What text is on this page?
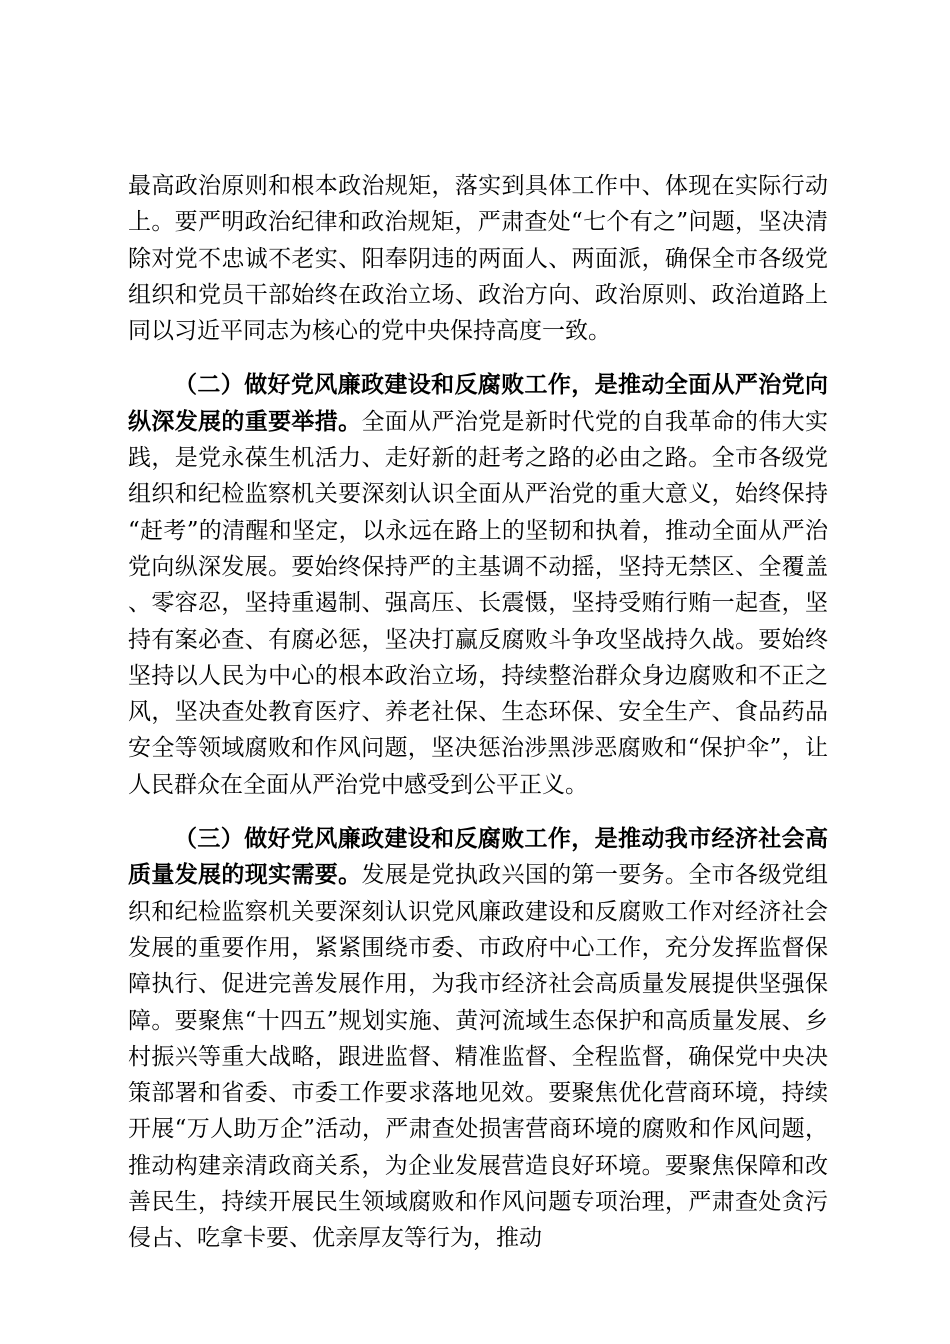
最高政治原则和根本政治规矩，落实到具体工作中、体现在实际行动上。要严明政治纪律和政治规矩，严肃查处“七个有之”问题，坚决清除对党不忠诚不老实、阳奉阴违的两面人、两面派，确保全市各级党组织和党员干部始终在政治立场、政治方向、政治原则、政治道路上同以习近平同志为核心的党中央保持高度一致。

（二）做好党风廉政建设和反腐败工作，是推动全面从严治党向纵深发展的重要举措。全面从严治党是新时代党的自我革命的伟大实践，是党永葆生机活力、走好新的赶考之路的必由之路。全市各级党组织和纪检监察机关要深刻认识全面从严治党的重大意义，始终保持“赶考”的清醒和坚定，以永远在路上的坚韧和执着，推动全面从严治党向纵深发展。要始终保持严的主基调不动摇，坚持无禁区、全覆盖、零容忍，坚持重遏制、强高压、长震慑，坚持受贿行贿一起查，坚持有案必查、有腐必惩，坚决打赢反腐败斗争攻坚战持久战。要始终坚持以人民为中心的根本政治立场，持续整治群众身边腐败和不正之风，坚决查处教育医疗、养老社保、生态环保、安全生产、食品药品安全等领域腐败和作风问题，坚决惩治涉黑涉恶腐败和“保护伞”，让人民群众在全面从严治党中感受到公平正义。

（三）做好党风廉政建设和反腐败工作，是推动我市经济社会高质量发展的现实需要。发展是党执政兴国的第一要务。全市各级党组织和纪检监察机关要深刻认识党风廉政建设和反腐败工作对经济社会发展的重要作用，紧紧围绕市委、市政府中心工作，充分发挥监督保障执行、促进完善发展作用，为我市经济社会高质量发展提供坚强保障。要聚焦“十四五”规划实施、黄河流域生态保护和高质量发展、乡村振兴等重大战略，跟进监督、精准监督、全程监督，确保党中央决策部署和省委、市委工作要求落地见效。要聚焦优化营商环境，持续开展“万人助万企”活动，严肃查处损害营商环境的腐败和作风问题，推动构建亲清政商关系，为企业发展营造良好环境。要聚焦保障和改善民生，持续开展民生领域腐败和作风问题专项治理，严肃查处贪污侵占、吃拿卡要、优亲厚友等行为，推动
